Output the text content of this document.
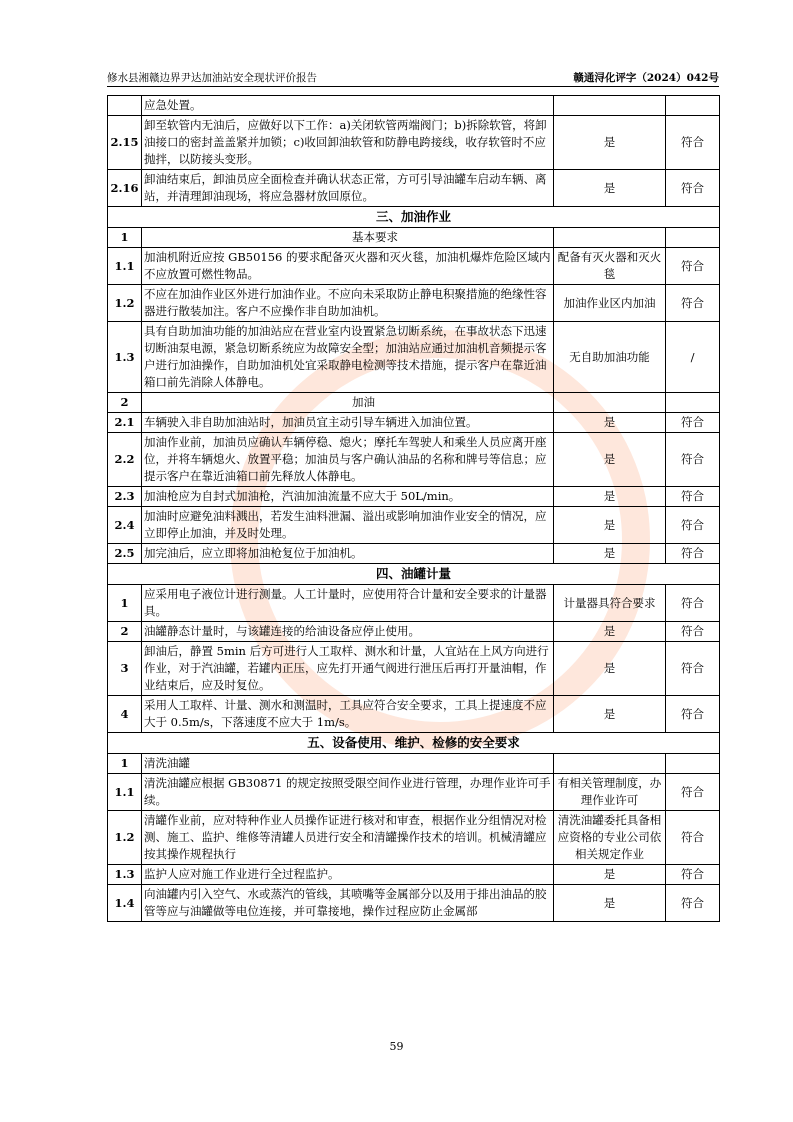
修水县湘赣边界尹达加油站安全现状评价报告	赣通浔化评字（2024）042号
	应急处置。		
2.15	卸至软管内无油后，应做好以下工作：a)关闭软管两端阀门；b)拆除软管，将卸油接口的密封盖盖紧并加锁；c)收回卸油软管和防静电跨接线，收存软管时不应抛拌，以防接头变形。	是	符合
2.16	卸油结束后，卸油员应全面检查并确认状态正常，方可引导油罐车启动车辆、离站，并清理卸油现场，将应急器材放回原位。	是	符合
三、加油作业			
1	基本要求		
1.1	加油机附近应按 GB50156 的要求配备灭火器和灭火毯，加油机爆炸危险区域内不应放置可燃性物品。	配备有灭火器和灭火毯	符合
1.2	不应在加油作业区外进行加油作业。不应向未采取防止静电积聚措施的绝缘性容器进行散装加注。客户不应操作非自助加油机。	加油作业区内加油	符合
1.3	具有自助加油功能的加油站应在营业室内设置紧急切断系统，在事故状态下迅速切断油泵电源，紧急切断系统应为故障安全型；加油站应通过加油机音频提示客户进行加油操作，自助加油机处宜采取静电检测等技术措施，提示客户在靠近油箱口前先消除人体静电。	无自助加油功能	/
2	加油		
2.1	车辆驶入非自助加油站时，加油员宜主动引导车辆进入加油位置。	是	符合
2.2	加油作业前，加油员应确认车辆停稳、熄火；摩托车驾驶人和乘坐人员应离开座位，并将车辆熄火、放置平稳；加油员与客户确认油品的名称和牌号等信息；应提示客户在靠近油箱口前先释放人体静电。	是	符合
2.3	加油枪应为自封式加油枪，汽油加油流量不应大于 50L/min。	是	符合
2.4	加油时应避免油料溅出，若发生油料泄漏、溢出或影响加油作业安全的情况，应立即停止加油，并及时处理。	是	符合
2.5	加完油后，应立即将加油枪复位于加油机。	是	符合
四、油罐计量			
1	应采用电子液位计进行测量。人工计量时，应使用符合计量和安全要求的计量器具。	计量器具符合要求	符合
2	油罐静态计量时，与该罐连接的给油设备应停止使用。	是	符合
3	卸油后，静置 5min 后方可进行人工取样、测水和计量，人宜站在上风方向进行作业，对于汽油罐，若罐内正压，应先打开通气阀进行泄压后再打开量油帽，作业结束后，应及时复位。	是	符合
4	采用人工取样、计量、测水和测温时，工具应符合安全要求，工具上提速度不应大于 0.5m/s，下落速度不应大于 1m/s。	是	符合
五、设备使用、维护、检修的安全要求			
1	清洗油罐		
1.1	清洗油罐应根据 GB30871 的规定按照受限空间作业进行管理，办理作业许可手续。	有相关管理制度，办理作业许可	符合
1.2	清罐作业前，应对特种作业人员操作证进行核对和审查，根据作业分组情况对检测、施工、监护、维修等清罐人员进行安全和清罐操作技术的培训。机械清罐应按其操作规程执行	清洗油罐委托具备相应资格的专业公司依相关规定作业	符合
1.3	监护人应对施工作业进行全过程监护。	是	符合
1.4	向油罐内引入空气、水或蒸汽的管线，其喷嘴等金属部分以及用于排出油品的胶管等应与油罐做等电位连接，并可靠接地，操作过程应防止金属部	是	符合
59
